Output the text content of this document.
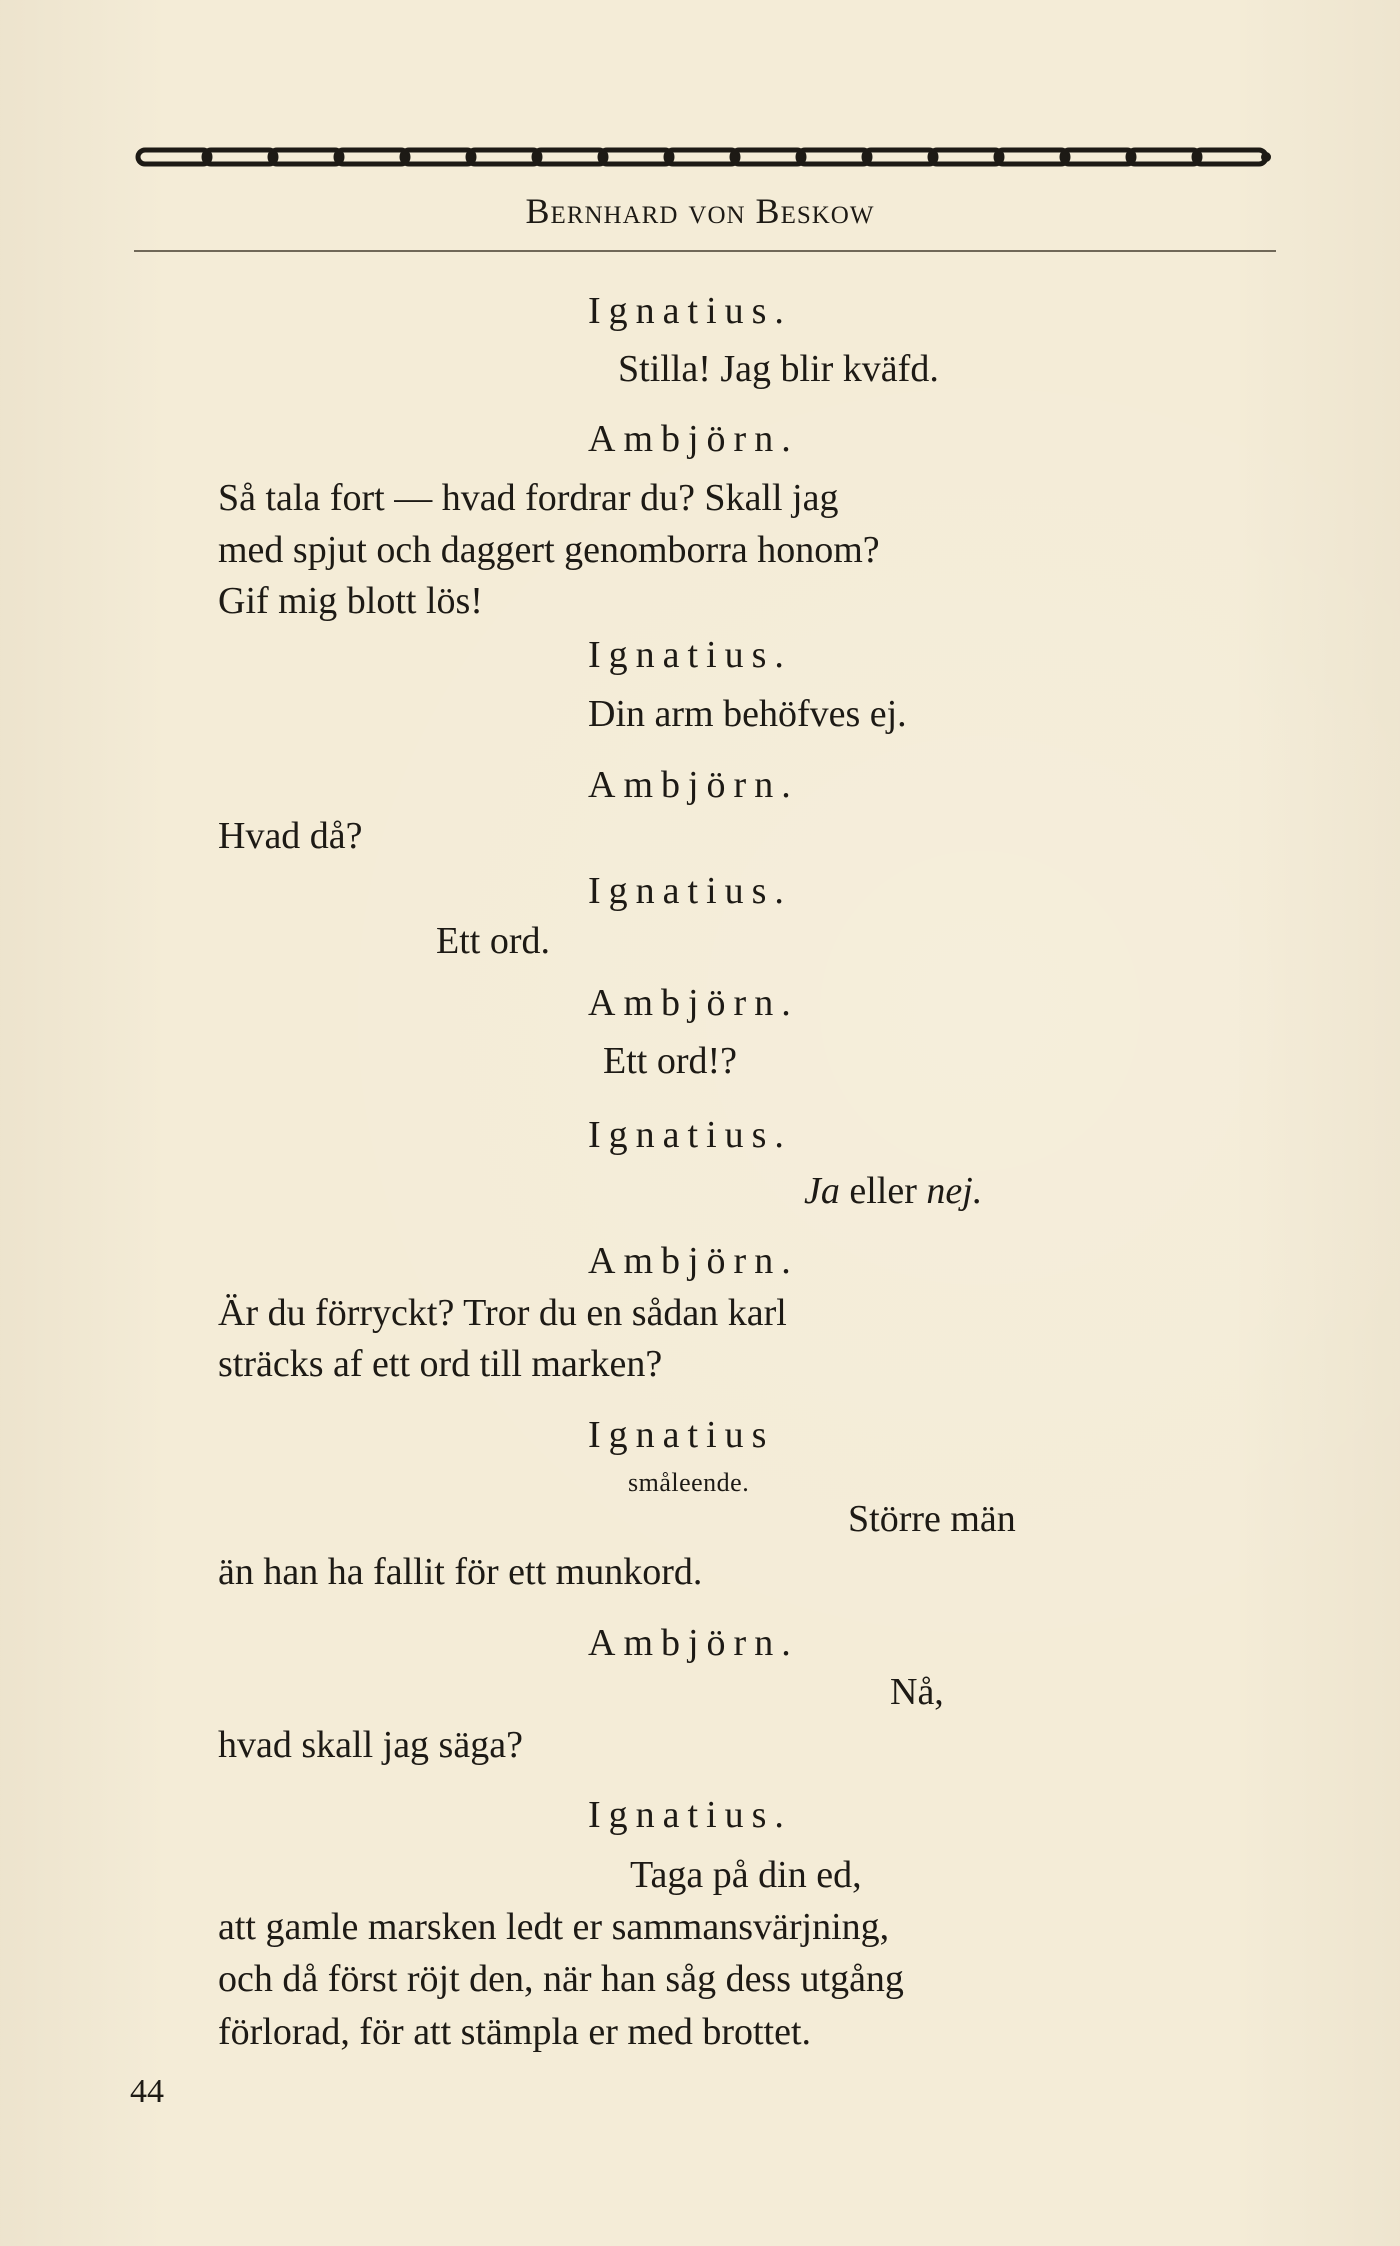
Bernhard von Beskow
Ignatius.
Stilla! Jag blir kväfd.
Ambjörn.
Så tala fort — hvad fordrar du? Skall jag
med spjut och daggert genomborra honom?
Gif mig blott lös!
Ignatius.
Din arm behöfves ej.
Ambjörn.
Hvad då?
Ignatius.
Ett ord.
Ambjörn.
Ett ord!?
Ignatius.
Ja eller nej.
Ambjörn.
Är du förryckt? Tror du en sådan karl
sträcks af ett ord till marken?
Ignatius
småleende.
Större män
än han ha fallit för ett munkord.
Ambjörn.
Nå,
hvad skall jag säga?
Ignatius.
Taga på din ed,
att gamle marsken ledt er sammansvärjning,
och då först röjt den, när han såg dess utgång
förlorad, för att stämpla er med brottet.
44
